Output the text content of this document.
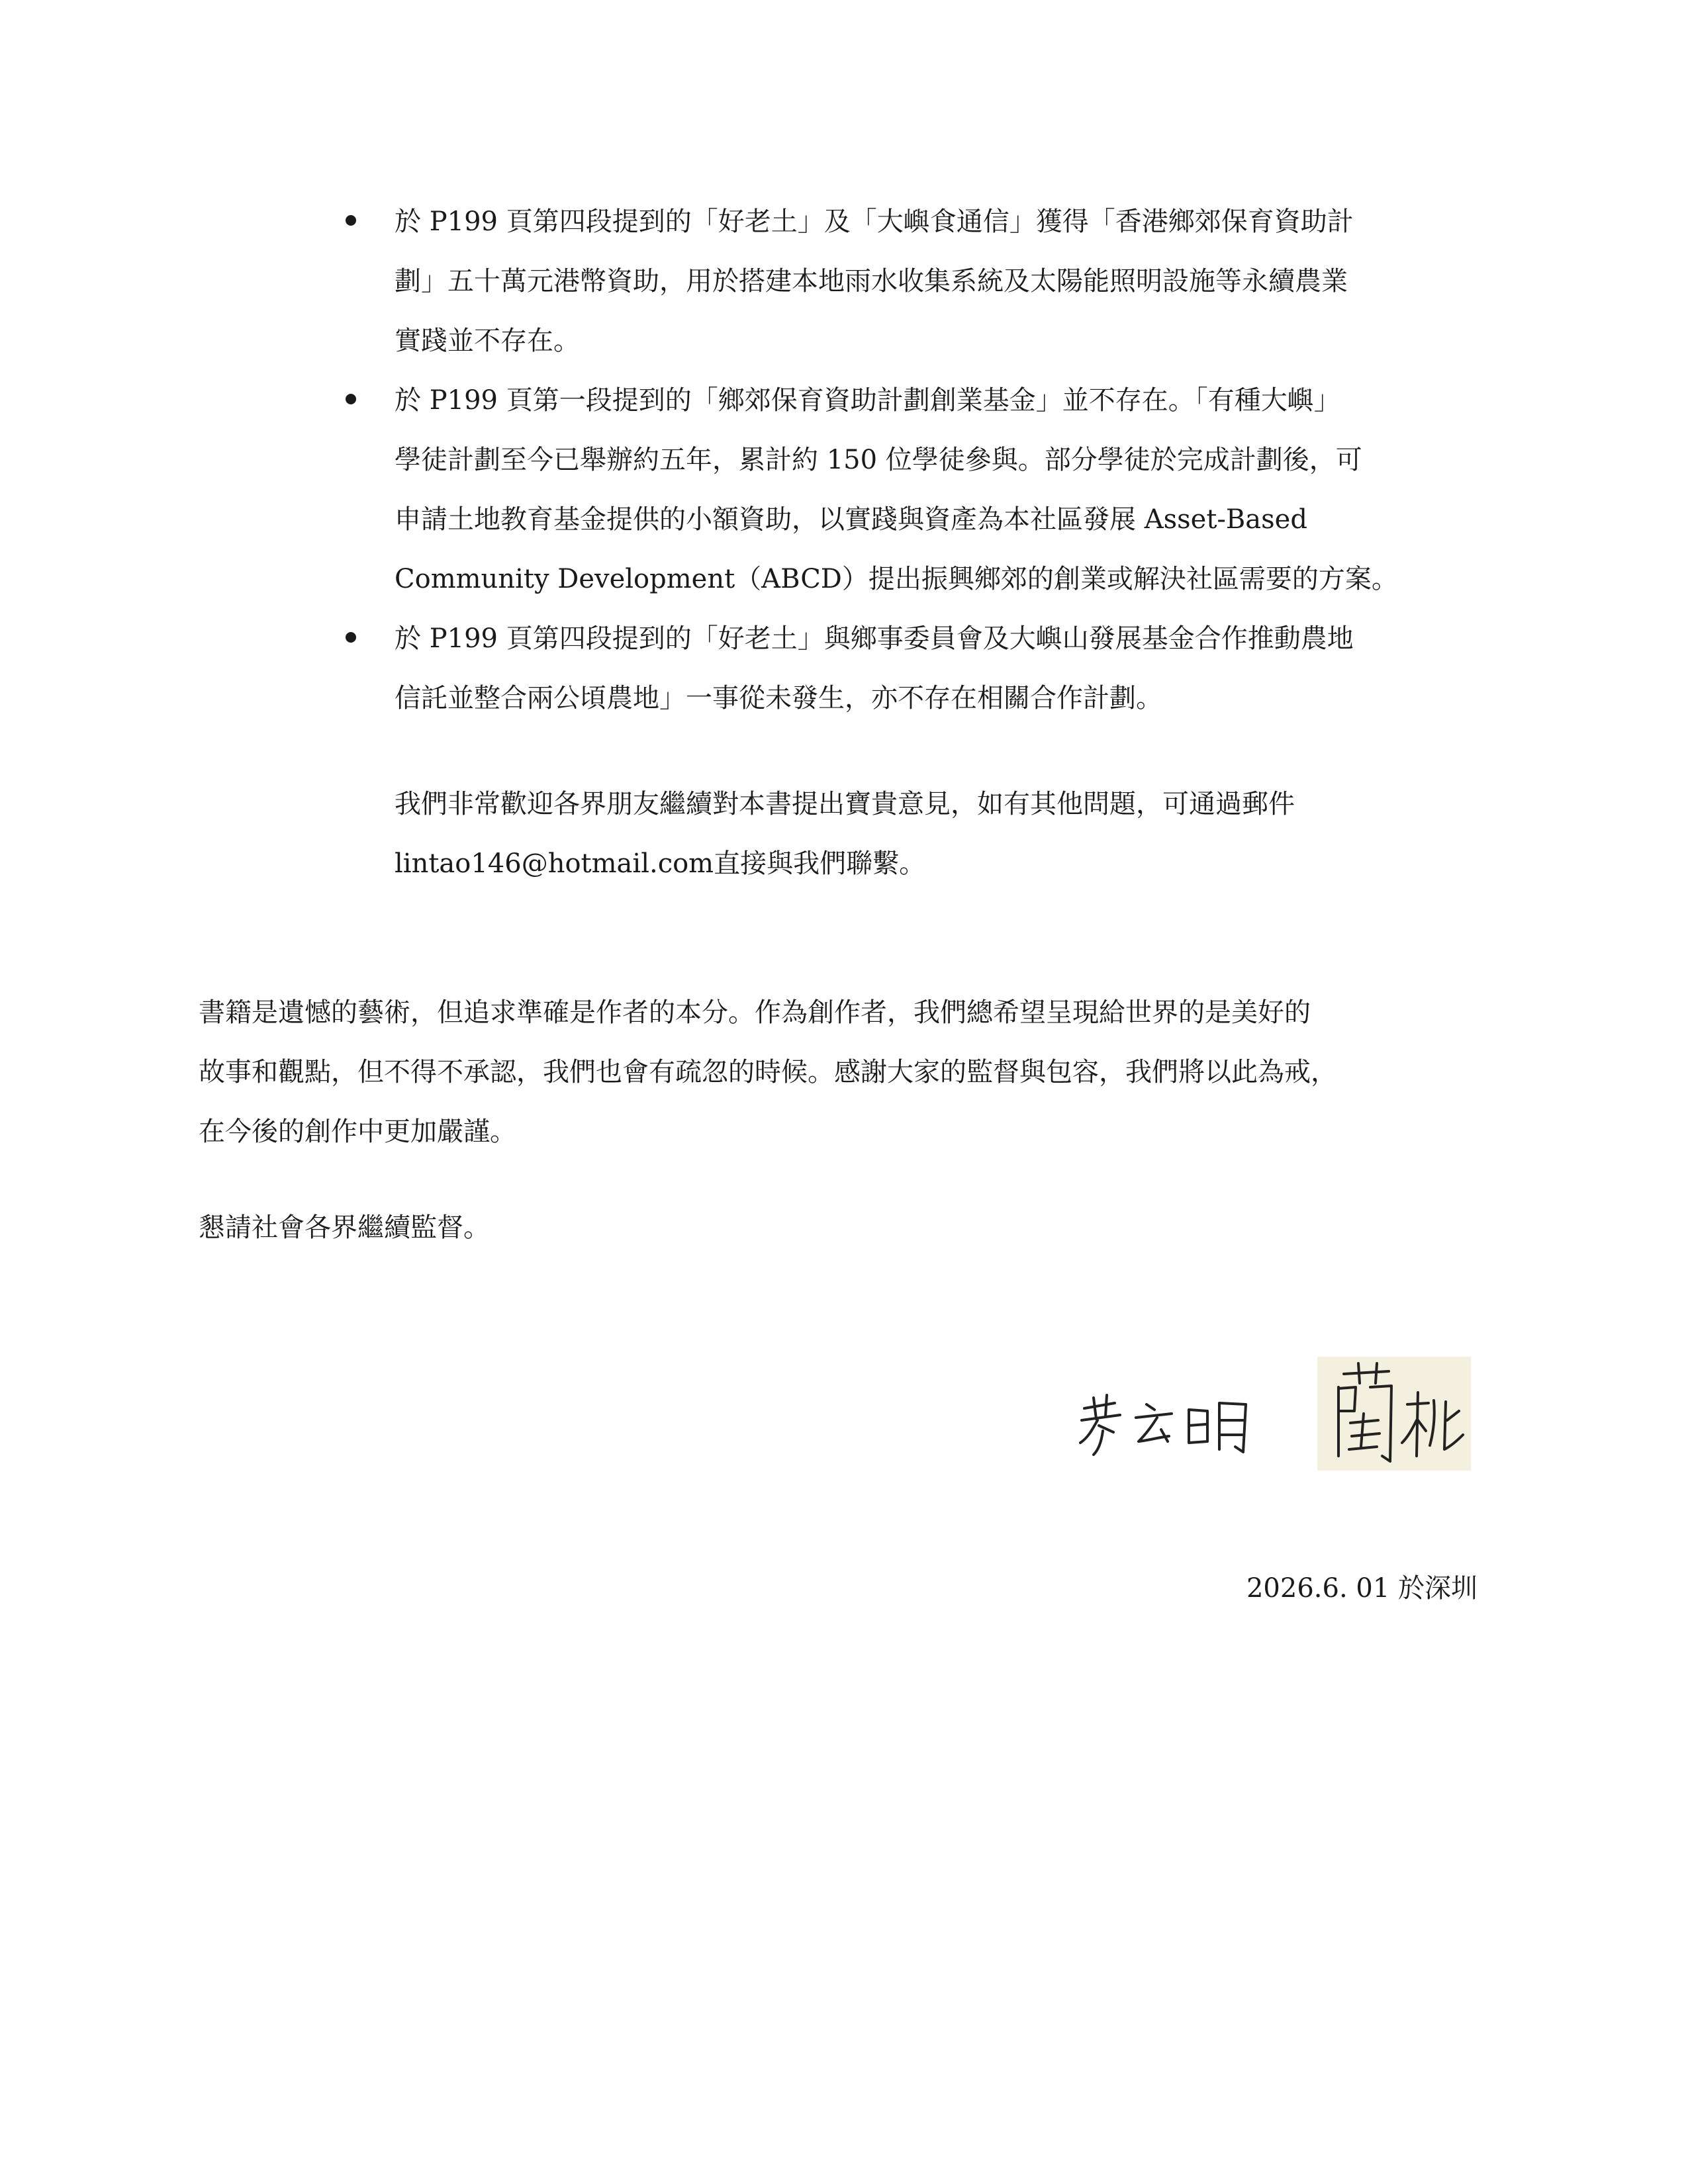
於 P199 頁第四段提到的「好老土」及「大嶼食通信」獲得「香港鄉郊保育資助計
劃」五十萬元港幣資助，用於搭建本地雨水收集系統及太陽能照明設施等永續農業
實踐並不存在。
於 P199 頁第一段提到的「鄉郊保育資助計劃創業基金」並不存在。「有種大嶼」
學徒計劃至今已舉辦約五年，累計約 150 位學徒參與。部分學徒於完成計劃後，可
申請土地教育基金提供的小額資助，以實踐與資產為本社區發展 Asset-Based
Community Development（ABCD）提出振興鄉郊的創業或解決社區需要的方案。
於 P199 頁第四段提到的「好老土」與鄉事委員會及大嶼山發展基金合作推動農地
信託並整合兩公頃農地」一事從未發生，亦不存在相關合作計劃。
我們非常歡迎各界朋友繼續對本書提出寶貴意見，如有其他問題，可通過郵件
lintao146@hotmail.com直接與我們聯繫。
書籍是遺憾的藝術，但追求準確是作者的本分。作為創作者，我們總希望呈現給世界的是美好的
故事和觀點，但不得不承認，我們也會有疏忽的時候。感謝大家的監督與包容，我們將以此為戒，
在今後的創作中更加嚴謹。
懇請社會各界繼續監督。
2026.6. 01 於深圳
